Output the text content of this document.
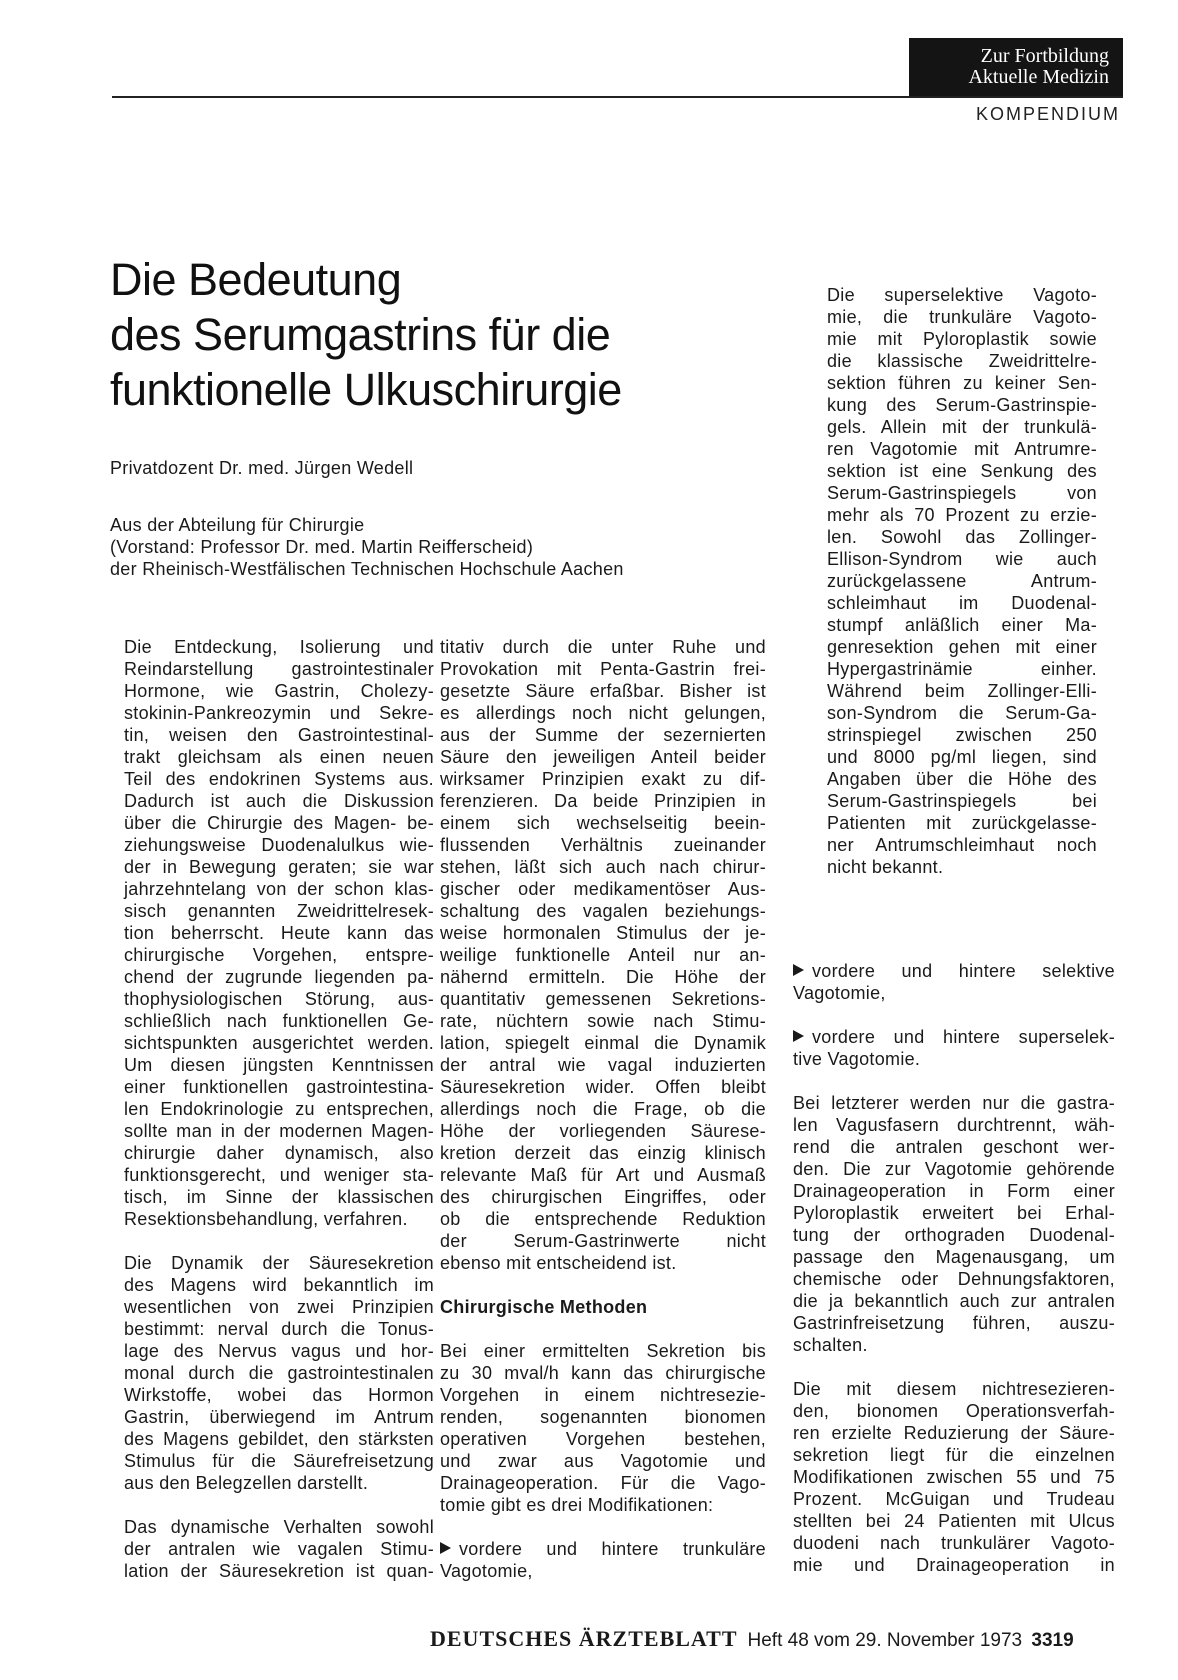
Zur Fortbildung
Aktuelle Medizin
KOMPENDIUM
Die Bedeutung
des Serumgastrins für die
funktionelle Ulkuschirurgie
Privatdozent Dr. med. Jürgen Wedell
Aus der Abteilung für Chirurgie
(Vorstand: Professor Dr. med. Martin Reifferscheid)
der Rheinisch-Westfälischen Technischen Hochschule Aachen
Die Entdeckung, Isolierung und
Reindarstellung gastrointestinaler
Hormone, wie Gastrin, Cholezy-
stokinin-Pankreozymin und Sekre-
tin, weisen den Gastrointestinal-
trakt gleichsam als einen neuen
Teil des endokrinen Systems aus.
Dadurch ist auch die Diskussion
über die Chirurgie des Magen- be-
ziehungsweise Duodenalulkus wie-
der in Bewegung geraten; sie war
jahrzehntelang von der schon klas-
sisch genannten Zweidrittelresek-
tion beherrscht. Heute kann das
chirurgische Vorgehen, entspre-
chend der zugrunde liegenden pa-
thophysiologischen Störung, aus-
schließlich nach funktionellen Ge-
sichtspunkten ausgerichtet werden.
Um diesen jüngsten Kenntnissen
einer funktionellen gastrointestina-
len Endokrinologie zu entsprechen,
sollte man in der modernen Magen-
chirurgie daher dynamisch, also
funktionsgerecht, und weniger sta-
tisch, im Sinne der klassischen
Resektionsbehandlung, verfahren.
Die Dynamik der Säuresekretion
des Magens wird bekanntlich im
wesentlichen von zwei Prinzipien
bestimmt: nerval durch die Tonus-
lage des Nervus vagus und hor-
monal durch die gastrointestinalen
Wirkstoffe, wobei das Hormon
Gastrin, überwiegend im Antrum
des Magens gebildet, den stärksten
Stimulus für die Säurefreisetzung
aus den Belegzellen darstellt.
Das dynamische Verhalten sowohl
der antralen wie vagalen Stimu-
lation der Säuresekretion ist quan-
titativ durch die unter Ruhe und
Provokation mit Penta-Gastrin frei-
gesetzte Säure erfaßbar. Bisher ist
es allerdings noch nicht gelungen,
aus der Summe der sezernierten
Säure den jeweiligen Anteil beider
wirksamer Prinzipien exakt zu dif-
ferenzieren. Da beide Prinzipien in
einem sich wechselseitig beein-
flussenden Verhältnis zueinander
stehen, läßt sich auch nach chirur-
gischer oder medikamentöser Aus-
schaltung des vagalen beziehungs-
weise hormonalen Stimulus der je-
weilige funktionelle Anteil nur an-
nähernd ermitteln. Die Höhe der
quantitativ gemessenen Sekretions-
rate, nüchtern sowie nach Stimu-
lation, spiegelt einmal die Dynamik
der antral wie vagal induzierten
Säuresekretion wider. Offen bleibt
allerdings noch die Frage, ob die
Höhe der vorliegenden Säurese-
kretion derzeit das einzig klinisch
relevante Maß für Art und Ausmaß
des chirurgischen Eingriffes, oder
ob die entsprechende Reduktion
der Serum-Gastrinwerte nicht
ebenso mit entscheidend ist.
Chirurgische Methoden
Bei einer ermittelten Sekretion bis
zu 30 mval/h kann das chirurgische
Vorgehen in einem nichtresezie-
renden, sogenannten bionomen
operativen Vorgehen bestehen,
und zwar aus Vagotomie und
Drainageoperation. Für die Vago-
tomie gibt es drei Modifikationen:
vordere und hintere trunkuläre
Vagotomie,
Die superselektive Vagoto-
mie, die trunkuläre Vagoto-
mie mit Pyloroplastik sowie
die klassische Zweidrittelre-
sektion führen zu keiner Sen-
kung des Serum-Gastrinspie-
gels. Allein mit der trunkulä-
ren Vagotomie mit Antrumre-
sektion ist eine Senkung des
Serum-Gastrinspiegels von
mehr als 70 Prozent zu erzie-
len. Sowohl das Zollinger-
Ellison-Syndrom wie auch
zurückgelassene Antrum-
schleimhaut im Duodenal-
stumpf anläßlich einer Ma-
genresektion gehen mit einer
Hypergastrinämie einher.
Während beim Zollinger-Elli-
son-Syndrom die Serum-Ga-
strinspiegel zwischen 250
und 8000 pg/ml liegen, sind
Angaben über die Höhe des
Serum-Gastrinspiegels bei
Patienten mit zurückgelasse-
ner Antrumschleimhaut noch
nicht bekannt.
vordere und hintere selektive
Vagotomie,
vordere und hintere superselek-
tive Vagotomie.
Bei letzterer werden nur die gastra-
len Vagusfasern durchtrennt, wäh-
rend die antralen geschont wer-
den. Die zur Vagotomie gehörende
Drainageoperation in Form einer
Pyloroplastik erweitert bei Erhal-
tung der orthograden Duodenal-
passage den Magenausgang, um
chemische oder Dehnungsfaktoren,
die ja bekanntlich auch zur antralen
Gastrinfreisetzung führen, auszu-
schalten.
Die mit diesem nichtresezieren-
den, bionomen Operationsverfah-
ren erzielte Reduzierung der Säure-
sekretion liegt für die einzelnen
Modifikationen zwischen 55 und 75
Prozent. McGuigan und Trudeau
stellten bei 24 Patienten mit Ulcus
duodeni nach trunkulärer Vagoto-
mie und Drainageoperation in
DEUTSCHES ÄRZTEBLATT Heft 48 vom 29. November 1973 3319
